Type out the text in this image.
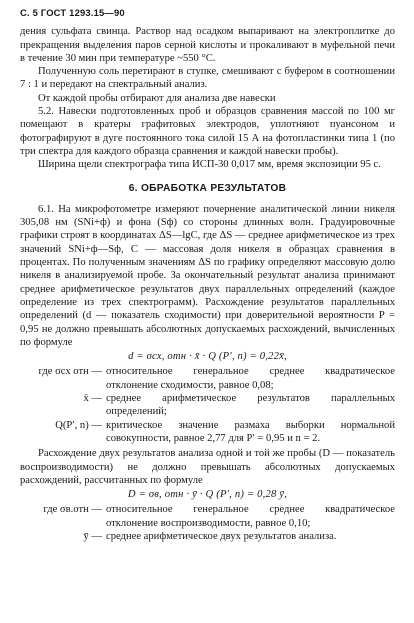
С. 5 ГОСТ 1293.15—90

дения сульфата свинца. Раствор над осадком выпаривают на электроплитке до прекращения выделения паров серной кислоты и прокаливают в муфельной печи в течение 30 мин при температуре ~550 °С.

Полученную соль перетирают в ступке, смешивают с буфером в соотношении 7 : 1 и передают на спектральный анализ.

От каждой пробы отбирают для анализа две навески

5.2. Навески подготовленных проб и образцов сравнения массой по 100 мг помещают в кратеры графитовых электродов, уплотняют пуансоном и фотографируют в дуге постоянного тока силой 15 А на фотопластинки типа 1 (по три спектра для каждого образца сравнения и каждой навески пробы).

Ширина щели спектрографа типа ИСП-30 0,017 мм, время экспозиции 95 с.

6. ОБРАБОТКА РЕЗУЛЬТАТОВ

6.1. На микрофотометре измеряют почернение аналитической линии никеля 305,08 нм (SNi+ф) и фона (Sф) со стороны длинных волн. Градуировочные графики строят в координатах ΔS—lgC, где ΔS — среднее арифметическое из трех значений SNi+ф—Sф, С — массовая доля никеля в образцах сравнения в процентах. По полученным значениям ΔS по графику определяют массовую долю никеля в анализируемой пробе. За окончательный результат анализа принимают среднее арифметическое результатов двух параллельных определений (каждое определение из трех спектрограмм). Расхождение результатов параллельных определений (d — показатель сходимости) при доверительной вероятности P = 0,95 не должно превышать абсолютных допускаемых расхождений, вычисленных по формуле

d = σсх, отн · x̄ · Q (P′, n) = 0,22x̄,
где σсх отн — относительное генеральное среднее квадратическое отклонение сходимости, равное 0,08;
x̄ — среднее арифметическое результатов параллельных определений;
Q(P′, n) — критическое значение размаха выборки нормальной совокупности, равное 2,77 для P′ = 0,95 и n = 2.

Расхождение двух результатов анализа одной и той же пробы (D — показатель воспроизводимости) не должно превышать абсолютных допускаемых расхождений, рассчитанных по формуле

D = σв, отн · ȳ · Q (P′, n) = 0,28 ȳ,
где σв.отн — относительное генеральное среднее квадратическое отклонение воспроизводимости, равное 0,10;
ȳ — среднее арифметическое двух результатов анализа.
